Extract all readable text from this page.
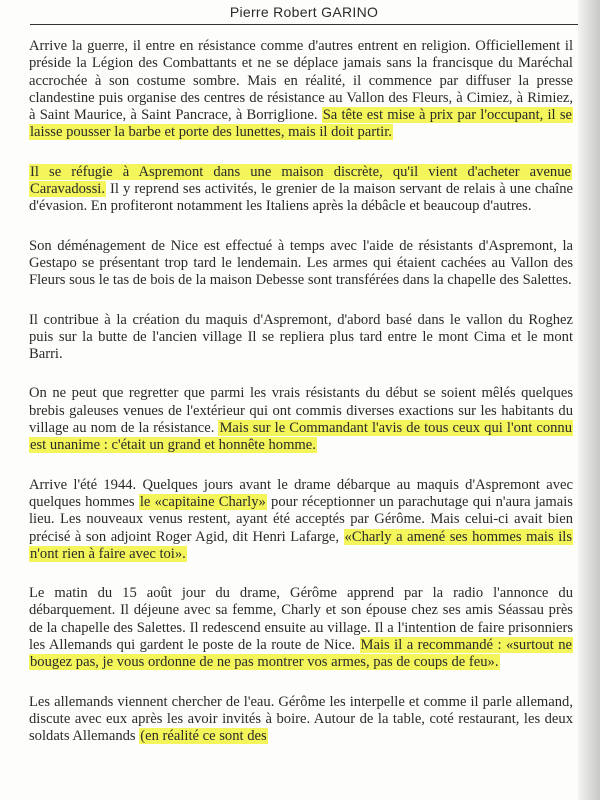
Pierre Robert GARINO

Arrive la guerre, il entre en résistance comme d'autres entrent en religion. Officiellement il préside la Légion des Combattants et ne se déplace jamais sans la francisque du Maréchal accrochée à son costume sombre. Mais en réalité, il commence par diffuser la presse clandestine puis organise des centres de résistance au Vallon des Fleurs, à Cimiez, à Rimiez, à Saint Maurice, à Saint Pancrace, à Borriglione. Sa tête est mise à prix par l'occupant, il se laisse pousser la barbe et porte des lunettes, mais il doit partir.

Il se réfugie à Aspremont dans une maison discrète, qu'il vient d'acheter avenue Caravadossi. Il y reprend ses activités, le grenier de la maison servant de relais à une chaîne d'évasion. En profiteront notamment les Italiens après la débâcle et beaucoup d'autres.

Son déménagement de Nice est effectué à temps avec l'aide de résistants d'Aspremont, la Gestapo se présentant trop tard le lendemain. Les armes qui étaient cachées au Vallon des Fleurs sous le tas de bois de la maison Debesse sont transférées dans la chapelle des Salettes.

Il contribue à la création du maquis d'Aspremont, d'abord basé dans le vallon du Roghez puis sur la butte de l'ancien village Il se repliera plus tard entre le mont Cima et le mont Barri.

On ne peut que regretter que parmi les vrais résistants du début se soient mêlés quelques brebis galeuses venues de l'extérieur qui ont commis diverses exactions sur les habitants du village au nom de la résistance. Mais sur le Commandant l'avis de tous ceux qui l'ont connu est unanime : c'était un grand et honnête homme.

Arrive l'été 1944. Quelques jours avant le drame débarque au maquis d'Aspremont avec quelques hommes le «capitaine Charly» pour réceptionner un parachutage qui n'aura jamais lieu. Les nouveaux venus restent, ayant été acceptés par Gérôme. Mais celui-ci avait bien précisé à son adjoint Roger Agid, dit Henri Lafarge, «Charly a amené ses hommes mais ils n'ont rien à faire avec toi».

Le matin du 15 août jour du drame, Gérôme apprend par la radio l'annonce du débarquement. Il déjeune avec sa femme, Charly et son épouse chez ses amis Séassau près de la chapelle des Salettes. Il redescend ensuite au village. Il a l'intention de faire prisonniers les Allemands qui gardent le poste de la route de Nice. Mais il a recommandé : «surtout ne bougez pas, je vous ordonne de ne pas montrer vos armes, pas de coups de feu».

Les allemands viennent chercher de l'eau. Gérôme les interpelle et comme il parle allemand, discute avec eux après les avoir invités à boire. Autour de la table, coté restaurant, les deux soldats Allemands (en réalité ce sont des
